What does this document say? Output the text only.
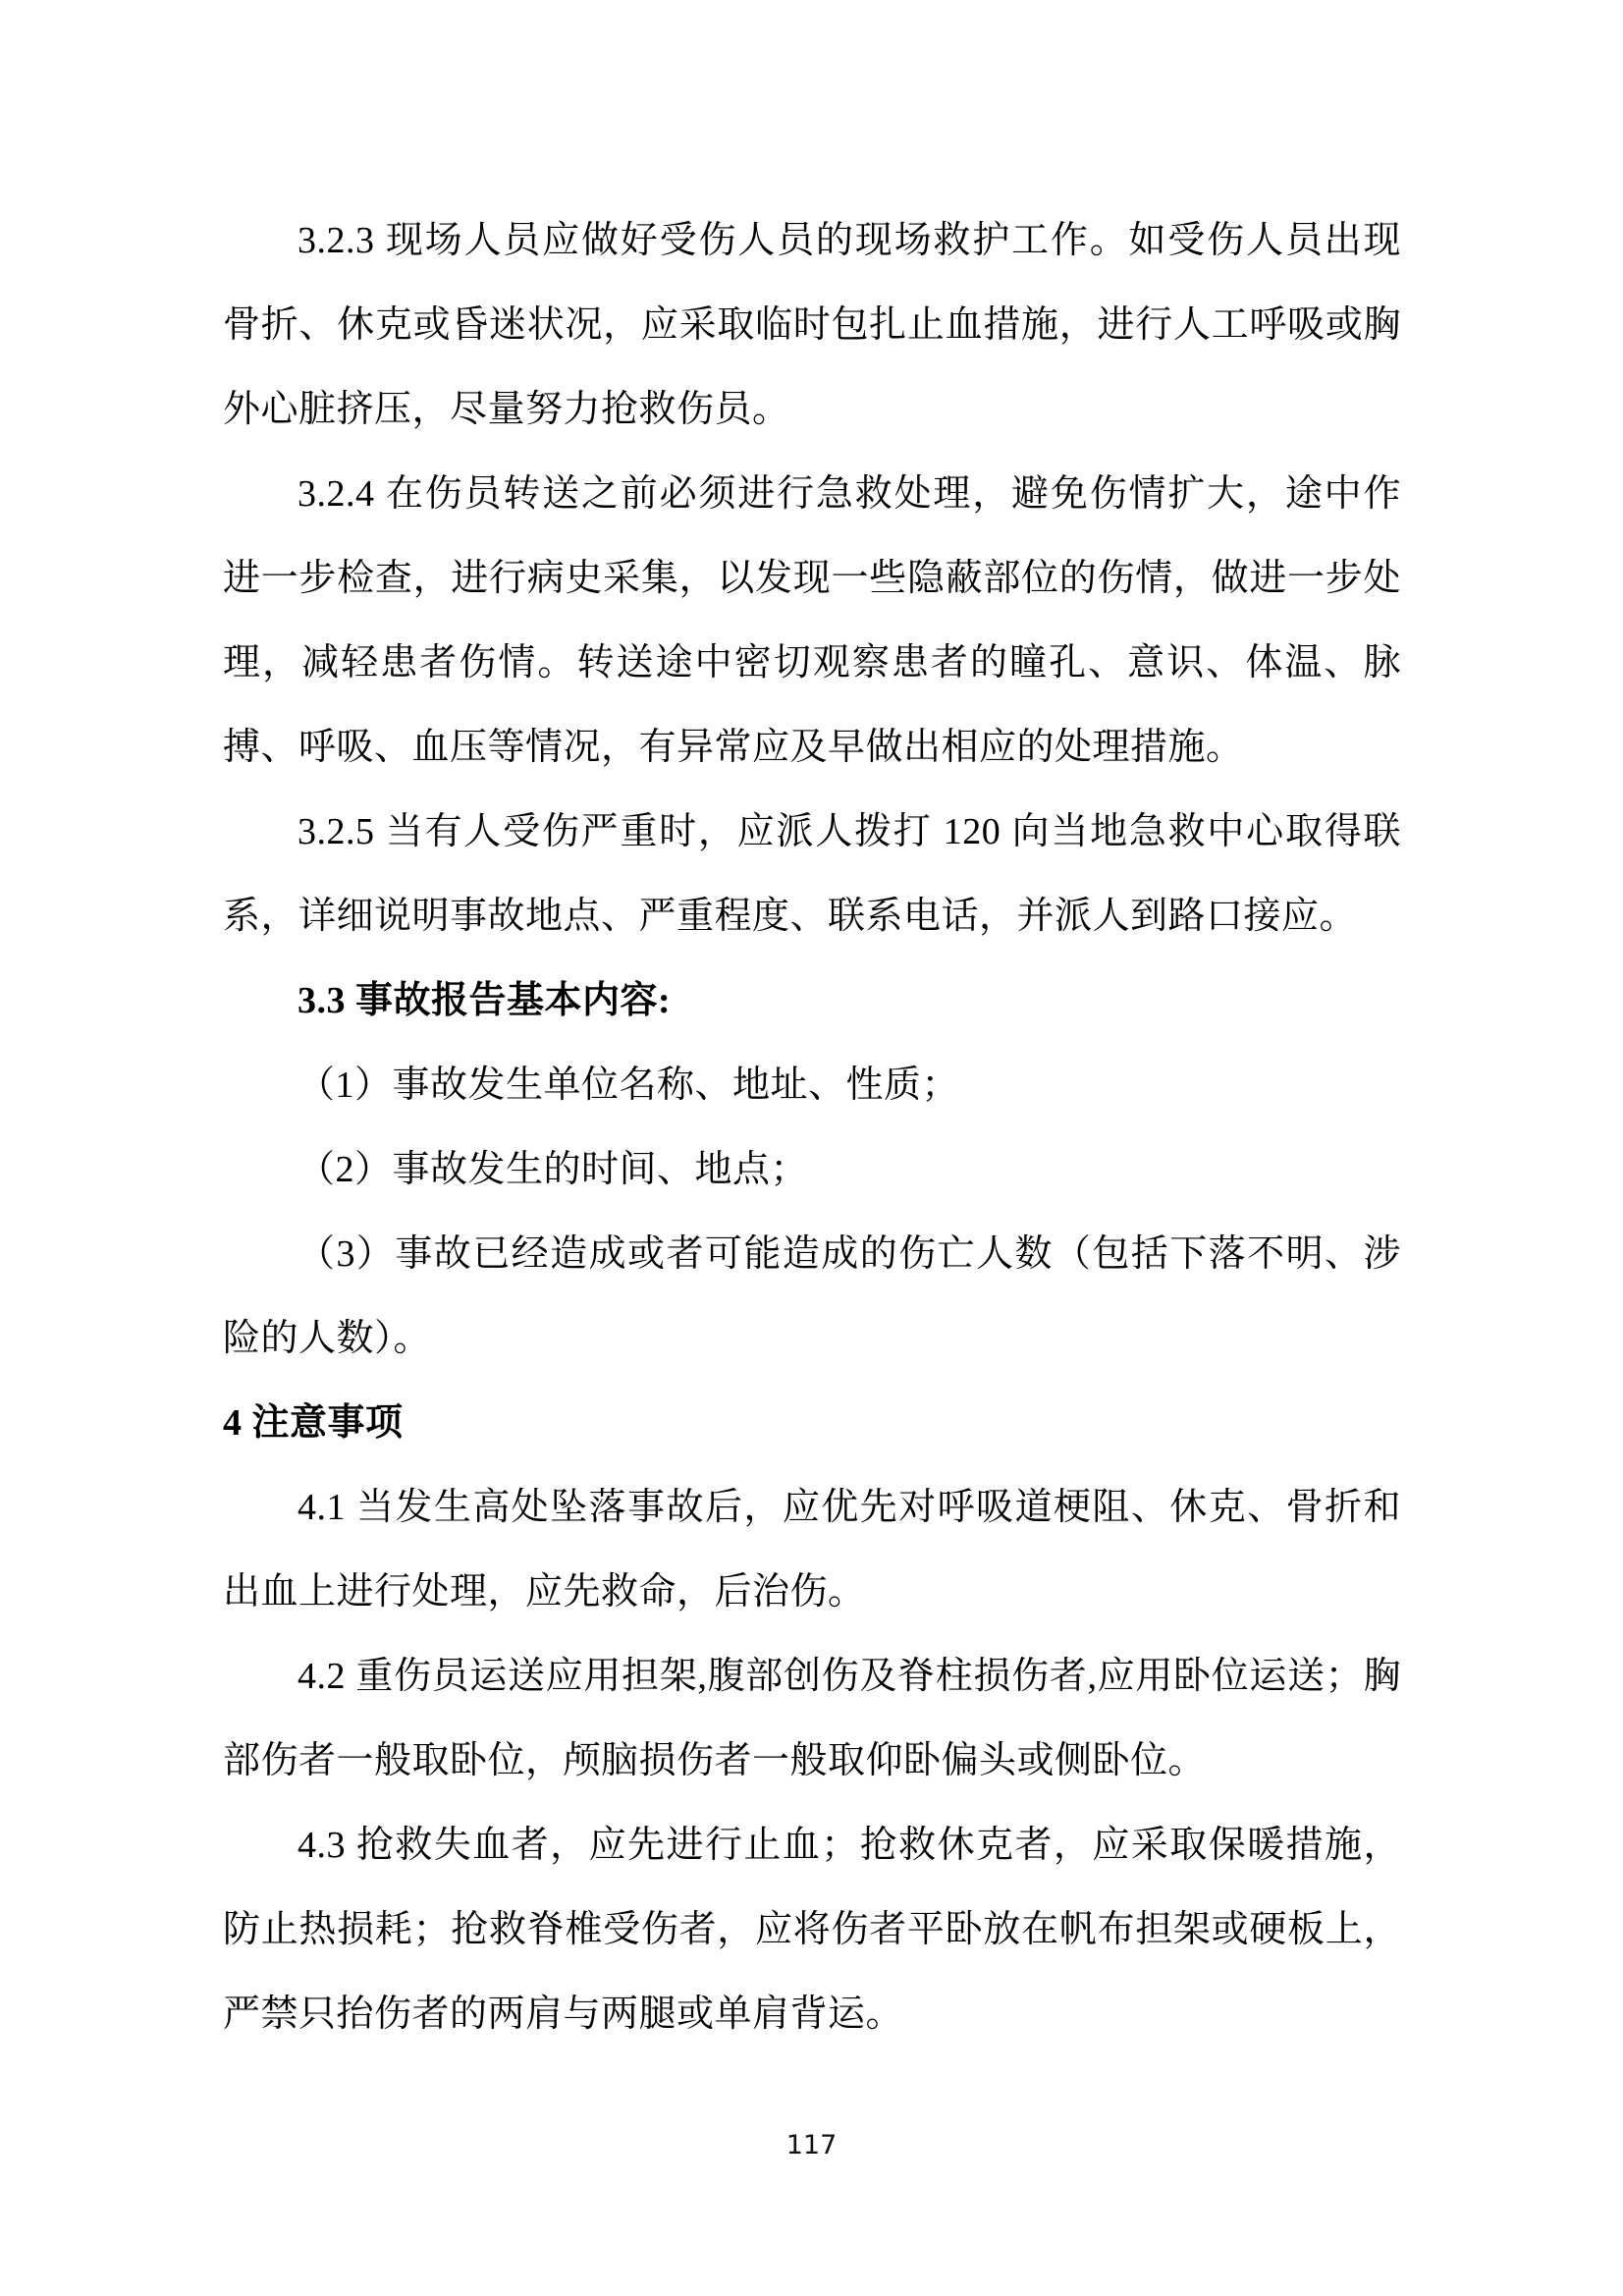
3.2.3 现场人员应做好受伤人员的现场救护工作。如受伤人员出现骨折、休克或昏迷状况，应采取临时包扎止血措施，进行人工呼吸或胸外心脏挤压，尽量努力抢救伤员。

3.2.4 在伤员转送之前必须进行急救处理，避免伤情扩大，途中作进一步检查，进行病史采集，以发现一些隐蔽部位的伤情，做进一步处理，减轻患者伤情。转送途中密切观察患者的瞳孔、意识、体温、脉搏、呼吸、血压等情况，有异常应及早做出相应的处理措施。

3.2.5 当有人受伤严重时，应派人拨打 120 向当地急救中心取得联系，详细说明事故地点、严重程度、联系电话，并派人到路口接应。

3.3 事故报告基本内容:

（1）事故发生单位名称、地址、性质；

（2）事故发生的时间、地点；

（3）事故已经造成或者可能造成的伤亡人数（包括下落不明、涉险的人数）。

4 注意事项

4.1 当发生高处坠落事故后，应优先对呼吸道梗阻、休克、骨折和出血上进行处理，应先救命，后治伤。

4.2 重伤员运送应用担架,腹部创伤及脊柱损伤者,应用卧位运送；胸部伤者一般取卧位，颅脑损伤者一般取仰卧偏头或侧卧位。

4.3 抢救失血者，应先进行止血；抢救休克者，应采取保暖措施，防止热损耗；抢救脊椎受伤者，应将伤者平卧放在帆布担架或硬板上，严禁只抬伤者的两肩与两腿或单肩背运。

117
